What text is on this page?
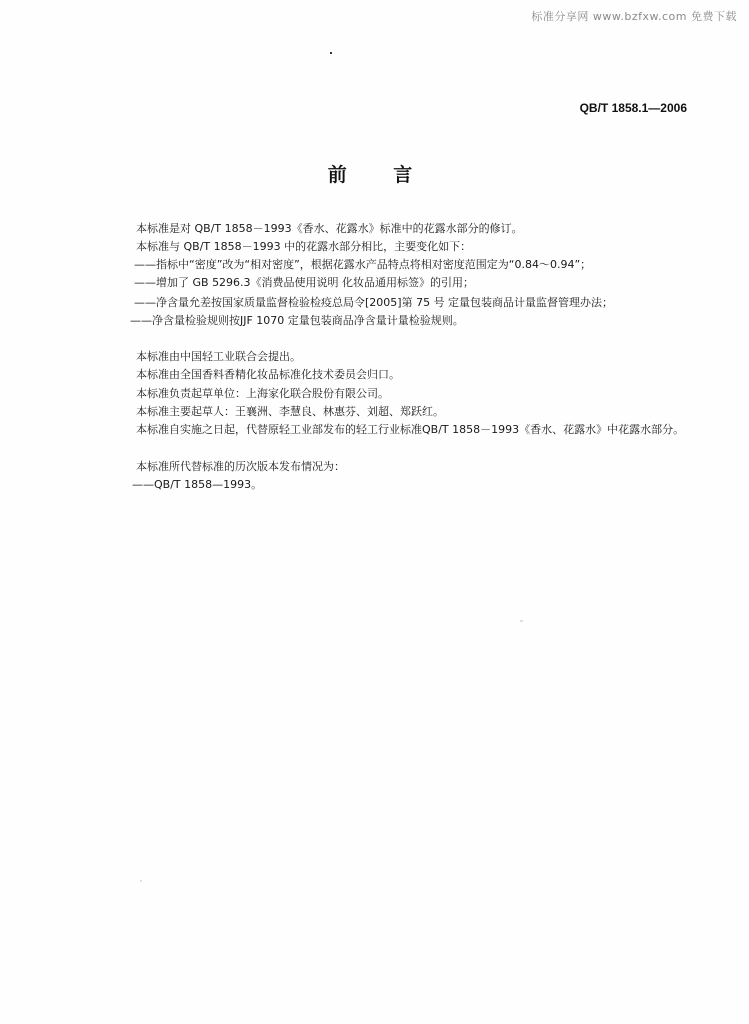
标准分享网 www.bzfxw.com 免费下载
QB/T 1858.1—2006
前 言
本标准是对 QB/T 1858－1993《香水、花露水》标准中的花露水部分的修订。
本标准与 QB/T 1858－1993 中的花露水部分相比，主要变化如下：
——指标中“密度”改为“相对密度”，根据花露水产品特点将相对密度范围定为“0.84～0.94”；
——增加了 GB 5296.3《消费品使用说明 化妆品通用标签》的引用；
——净含量允差按国家质量监督检验检疫总局令[2005]第 75 号 定量包装商品计量监督管理办法；
——净含量检验规则按JJF 1070 定量包装商品净含量计量检验规则。
本标准由中国轻工业联合会提出。
本标准由全国香料香精化妆品标准化技术委员会归口。
本标准负责起草单位：上海家化联合股份有限公司。
本标准主要起草人：王襄洲、李慧良、林惠芬、刘超、郑跃红。
本标准自实施之日起，代替原轻工业部发布的轻工行业标准QB/T 1858－1993《香水、花露水》中花露水部分。
本标准所代替标准的历次版本发布情况为：
——QB/T 1858—1993。
